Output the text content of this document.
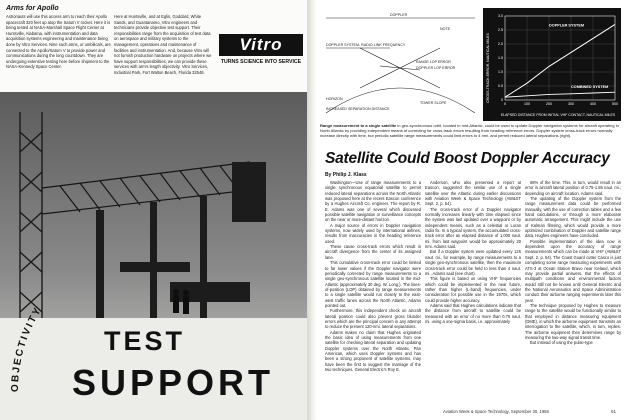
Arms for Apollo
Astronauts will use this access arm to reach their Apollo spacecraft 320 feet up atop the Saturn V rocket. Here it is being tested at NASA-Marshall Space Flight Center at Huntsville, Alabama, with instrumentation and data acquisition systems engineering and maintenance being done by Vitro Services. Nine such arms, or umbilicals, are connected to the Apollo/Saturn V to provide power and communications during the long countdown. They are undergoing extensive testing here before shipment to the NASA-Kennedy Space Center.
Here at Huntsville, and at Eglin, Goddard, White Sands, and Guantanamo, Vitro engineers and technicians provide objective test support. Their responsibilities range from the acquisition of test data on aerospace and military systems to the management, operations and maintenance of facilities and instrumentation. And, because Vitro will not furnish production hardware on projects where we have support responsibilities, we can provide these services with arm's length objectivity. Vitro Services, Industrial Park, Fort Walton Beach, Florida 32548.
Vitro
TURNS SCIENCE INTO SERVICE
OBJECTIVITY
TEST
SUPPORT
DOPPLER
DOPPLER SYSTEM- RADIO-LINK FREQUENCY
RANGE LOP ERROR
DOPPLER LOP ERROR
HORIZON
TOWER SLOPE
INCREASED SEPARATION DISTANCE
NOTE
DOPPLER SYSTEM
COMBINED SYSTEM
0	100	200	300	400	500
0
0.5
1.0
1.5
2.0
2.5
3.0
CROSS-TRACK ERROR, NAUTICAL MILES
ELAPSED DISTANCE FROM INITIAL VHF CONTACT, NAUTICAL MILES
Range measurement to a single satellite in geo-synchronous orbit, located in mid-Atlantic, could be used to update Doppler navigation systems for aircraft operating in North Atlantic by providing independent means of correcting for cross-track errors resulting from heading reference errors. Doppler system cross-track errors normally increase directly with time, but periodic satellite range measurements could limit errors to 4 nmi. and permit reduced lateral separations (right).
Satellite Could Boost Doppler Accuracy
By Philip J. Klass

Washington—Use of range measurements to a single synchronous equatorial satellite to permit reduced lateral separations across the North Atlantic was proposed here at the recent Eascon conference by a Hughes Aircraft Co. engineer. The report by R. E. Adams was one of several which discussed possible satellite navigation or surveillance concepts on the near or more-distant horizon.

A major source of errors in Doppler navigation systems, now widely used by international airlines, results from inaccuracies in the heading reference used.

These cause cross-track errors which result in aircraft divergence from the center of its assigned lane.

This cumulative cross-track error could be limited to far lower values if the Doppler navigator were periodically corrected by range measurements to a single geo-synchronous satellite located in the mid-Atlantic (approximately 30 deg. W. Long.). The lines-of-position (LOP) obtained by range measurements to a single satellite would run closely to the east-west traffic lanes across the North Atlantic, Adams pointed out.

Furthermore, this independent check on aircraft lateral position could also prevent gross blunder errors which are the principal concern in any attempt to reduce the present 120-nmi. lateral separations.

Adams makes no claim that Hughes originated the basic idea of using measurements from one satellite for checking lateral separation and updating Doppler systems over the North Atlantic. Pan American, which uses Doppler systems and has been a strong proponent of satellite systems, may have been the first to suggest the marriage of the two techniques. General Electric's Roy E.

Anderson, who also presented a report at Eascon, suggested the similar use of a single satellite over the Atlantic during earlier discussions with Aviation Week & Space Technology (AW&ST Sept. 2, p. 54).

The cross-track error of a Doppler navigator normally increases linearly with time elapsed since the system was last updated over a waypoint or by independent means, such as a celestial or Loran radio fix. In a typical system, the accumulated cross-track error after an elapsed distance of 1,000 naut. mi. from last waypoint would be approximately 20 nmi. Adams said.

But if a Doppler system were updated every 125 naut. mi., for example, by range measurements to a single geo-synchronous satellite, then the maximum cross-track error could be held to less than 4 naut. mi., Adams said (see chart).

This figure is based on using VHF frequencies which could be implemented in the near future, rather than higher (L-band) frequencies, under consideration for possible use in the 1970s, which could provide higher accuracy.

Adams said that Hughes calculations indicate that the distance from aircraft to satellite could be measured with an error of no more than 0.75 naut. mi. using a one-sigma basis, i.e. approximately

68% of the time. This, in turn, would result in an error in aircraft lateral position of 0.75-1.55 naut. mi., depending on aircraft location, Adams said.

The updating of the Doppler system from the range measurement data could be performed manually, with the use of correction tables and a few hand calculations, or through a more elaborate automatic arrangement. This might include the use of Kalman filtering, which would provide a more optimized combination of Doppler and satellite range data, Hughes engineers have concluded.

Possible implementation of the idea now is dependent upon the accuracy of range measurements which can be made at VHF (AW&ST Sept. 2, p. 54). The Coast Guard cutter Casco is just completing some range measuring experiments with ATS-3 at Ocean Station Bravo near Iceland, which may provide partial answers. But the effects of multipath conditions and environmental factors would still not be known until General Electric and the National Aeronautics and Space Administration conduct their airborne ranging experiments later this year.

The technique proposed by Hughes to measure range to the satellite would be functionally similar to that employed in distance measuring equipment (DME), in which the airborne equipment transmits an interrogation to the satellite, which, in turn, replies. The airborne equipment then determines range by measuring the two-way signal transit time.

But instead of using the pulse-type

Aviation Week & Space Technology, September 30, 1968	61
